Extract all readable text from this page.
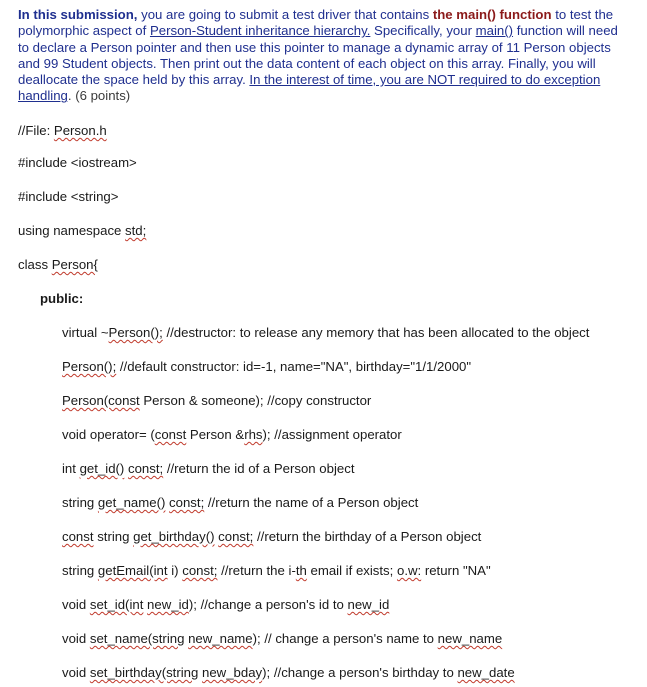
In this submission, you are going to submit a test driver that contains the main() function to test the polymorphic aspect of Person-Student inheritance hierarchy. Specifically, your main() function will need to declare a Person pointer and then use this pointer to manage a dynamic array of 11 Person objects and 99 Student objects. Then print out the data content of each object on this array. Finally, you will deallocate the space held by this array. In the interest of time, you are NOT required to do exception handling. (6 points)
//File: Person.h
#include <iostream>
#include <string>
using namespace std;
class Person{
public:
virtual ~Person(); //destructor: to release any memory that has been allocated to the object
Person(); //default constructor: id=-1, name="NA", birthday="1/1/2000"
Person(const Person & someone); //copy constructor
void operator= (const Person &rhs); //assignment operator
int get_id() const; //return the id of a Person object
string get_name() const; //return the name of a Person object
const string get_birthday() const; //return the birthday of a Person object
string getEmail(int i) const; //return the i-th email if exists; o.w: return "NA"
void set_id(int new_id); //change a person's id to new_id
void set_name(string new_name); // change a person's name to new_name
void set_birthday(string new_bday); //change a person's birthday to new_date
